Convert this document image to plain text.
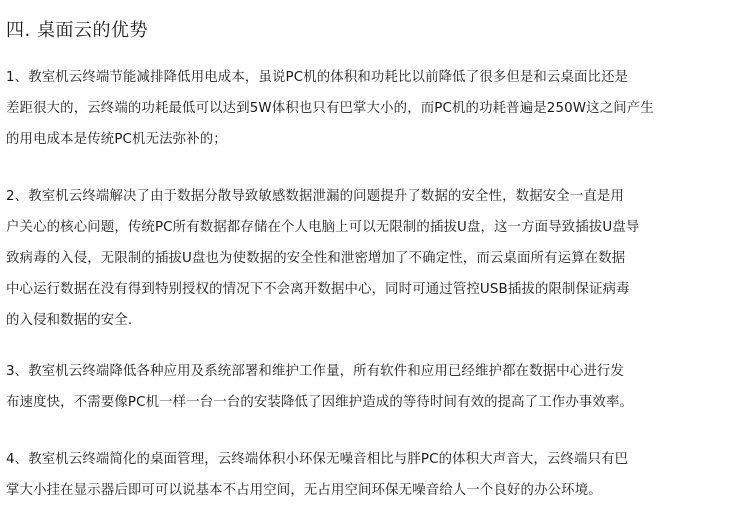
四. 桌面云的优势
1、教室机云终端节能减排降低用电成本，虽说PC机的体积和功耗比以前降低了很多但是和云桌面比还是
差距很大的，云终端的功耗最低可以达到5W体积也只有巴掌大小的，而PC机的功耗普遍是250W这之间产生
的用电成本是传统PC机无法弥补的；
2、教室机云终端解决了由于数据分散导致敏感数据泄漏的问题提升了数据的安全性，数据安全一直是用
户关心的核心问题，传统PC所有数据都存储在个人电脑上可以无限制的插拔U盘，这一方面导致插拔U盘导
致病毒的入侵，无限制的插拔U盘也为使数据的安全性和泄密增加了不确定性，而云桌面所有运算在数据
中心运行数据在没有得到特别授权的情况下不会离开数据中心，同时可通过管控USB插拔的限制保证病毒
的入侵和数据的安全.
3、教室机云终端降低各种应用及系统部署和维护工作量，所有软件和应用已经维护都在数据中心进行发
布速度快，不需要像PC机一样一台一台的安装降低了因维护造成的等待时间有效的提高了工作办事效率。
4、教室机云终端简化的桌面管理，云终端体积小环保无噪音相比与胖PC的体积大声音大，云终端只有巴
掌大小挂在显示器后即可可以说基本不占用空间，无占用空间环保无噪音给人一个良好的办公环境。
